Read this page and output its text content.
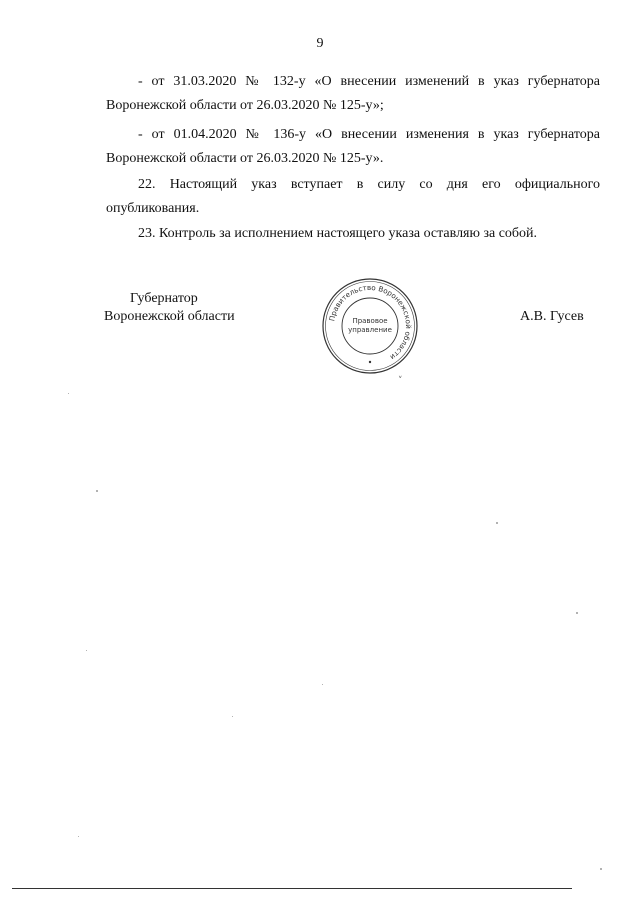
9
- от 31.03.2020 № 132-у «О внесении изменений в указ губернатора
Воронежской области от 26.03.2020 № 125-у»;
- от 01.04.2020 № 136-у «О внесении изменения в указ губернатора
Воронежской области от 26.03.2020 № 125-у».
22. Настоящий указ вступает в силу со дня его официального
опубликования.
23. Контроль за исполнением настоящего указа оставляю за собой.
Губернатор
Воронежской области	А.В. Гусев
Правительство Воронежской области
Правовое
управление
˅
